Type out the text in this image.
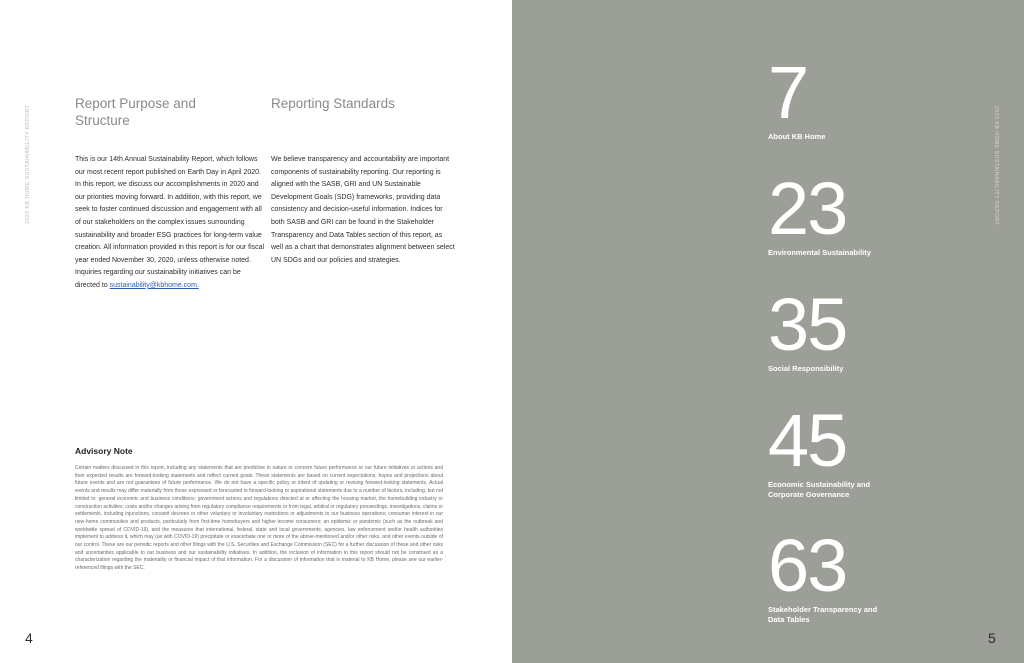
2020 KB HOME SUSTAINABILITY REPORT
Report Purpose and Structure
Reporting Standards

This is our 14th Annual Sustainability Report, which follows our most recent report published on Earth Day in April 2020. In this report, we discuss our accomplishments in 2020 and our priorities moving forward. In addition, with this report, we seek to foster continued discussion and engagement with all of our stakeholders on the complex issues surrounding sustainability and broader ESG practices for long-term value creation. All information provided in this report is for our fiscal year ended November 30, 2020, unless otherwise noted. Inquiries regarding our sustainability initiatives can be directed to sustainability@kbhome.com.

We believe transparency and accountability are important components of sustainability reporting. Our reporting is aligned with the SASB, GRI and UN Sustainable Development Goals (SDG) frameworks, providing data consistency and decision-useful information. Indices for both SASB and GRI can be found in the Stakeholder Transparency and Data Tables section of this report, as well as a chart that demonstrates alignment between select UN SDGs and our policies and strategies.

Advisory Note

Certain matters discussed in this report, including any statements that are predictive in nature or concern future performance or our future initiatives or actions and their expected results are forward-looking statements and reflect current goals. These statements are based on current expectations, hopes and projections about future events and are not guarantees of future performance. We do not have a specific policy or intent of updating or revising forward-looking statements. Actual events and results may differ materially from those expressed or forecasted in forward-looking or aspirational statements due to a number of factors, including, but not limited to: general economic and business conditions; government actions and regulations directed at or affecting the housing market, the homebuilding industry or construction activities; costs and/or changes arising from regulatory compliance requirements or from legal, arbitral or regulatory proceedings, investigations, claims or settlements, including injunctions, consent decrees or other voluntary or involuntary restrictions or adjustments to our business operations; consumer interest in our new-home communities and products, particularly from first-time homebuyers and higher-income consumers; an epidemic or pandemic (such as the outbreak and worldwide spread of COVID-19), and the measures that international, federal, state and local governments, agencies, law enforcement and/or health authorities implement to address it, which may (as with COVID-19) precipitate or exacerbate one or more of the above-mentioned and/or other risks, and other events outside of our control. These are our periodic reports and other filings with the U.S. Securities and Exchange Commission (SEC) for a further discussion of these and other risks and uncertainties applicable to our business and our sustainability initiatives. In addition, the inclusion of information in this report should not be construed as a characterization regarding the materiality or financial impact of that information. For a discussion of information that is material to KB Home, please see our earlier-referenced filings with the SEC.

4
2020 KB HOME SUSTAINABILITY REPORT
7
About KB Home
23
Environmental Sustainability
35
Social Responsibility
45
Economic Sustainability and Corporate Governance
63
Stakeholder Transparency and Data Tables
5
